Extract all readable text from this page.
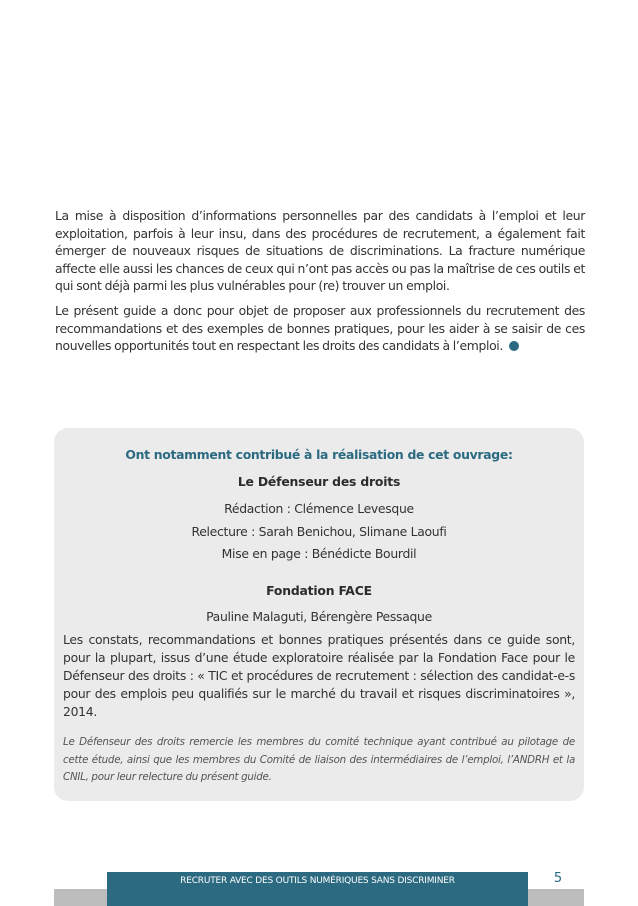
La mise à disposition d’informations personnelles par des candidats à l’emploi et leur exploitation, parfois à leur insu, dans des procédures de recrutement, a également fait émerger de nouveaux risques de situations de discriminations. La fracture numérique affecte elle aussi les chances de ceux qui n’ont pas accès ou pas la maîtrise de ces outils et qui sont déjà parmi les plus vulnérables pour (re) trouver un emploi.

Le présent guide a donc pour objet de proposer aux professionnels du recrutement des recommandations et des exemples de bonnes pratiques, pour les aider à se saisir de ces nouvelles opportunités tout en respectant les droits des candidats à l’emploi.

Ont notamment contribué à la réalisation de cet ouvrage:
Le Défenseur des droits
Rédaction : Clémence Levesque
Relecture : Sarah Benichou, Slimane Laoufi
Mise en page : Bénédicte Bourdil
Fondation FACE
Pauline Malaguti, Bérengère Pessaque
Les constats, recommandations et bonnes pratiques présentés dans ce guide sont, pour la plupart, issus d’une étude exploratoire réalisée par la Fondation Face pour le Défenseur des droits : « TIC et procédures de recrutement : sélection des candidat-e-s pour des emplois peu qualifiés sur le marché du travail et risques discriminatoires », 2014.
Le Défenseur des droits remercie les membres du comité technique ayant contribué au pilotage de cette étude, ainsi que les membres du Comité de liaison des intermédiaires de l’emploi, l’ANDRH et la CNIL, pour leur relecture du présent guide.
RECRUTER AVEC DES OUTILS NUMÉRIQUES SANS DISCRIMINER	5
